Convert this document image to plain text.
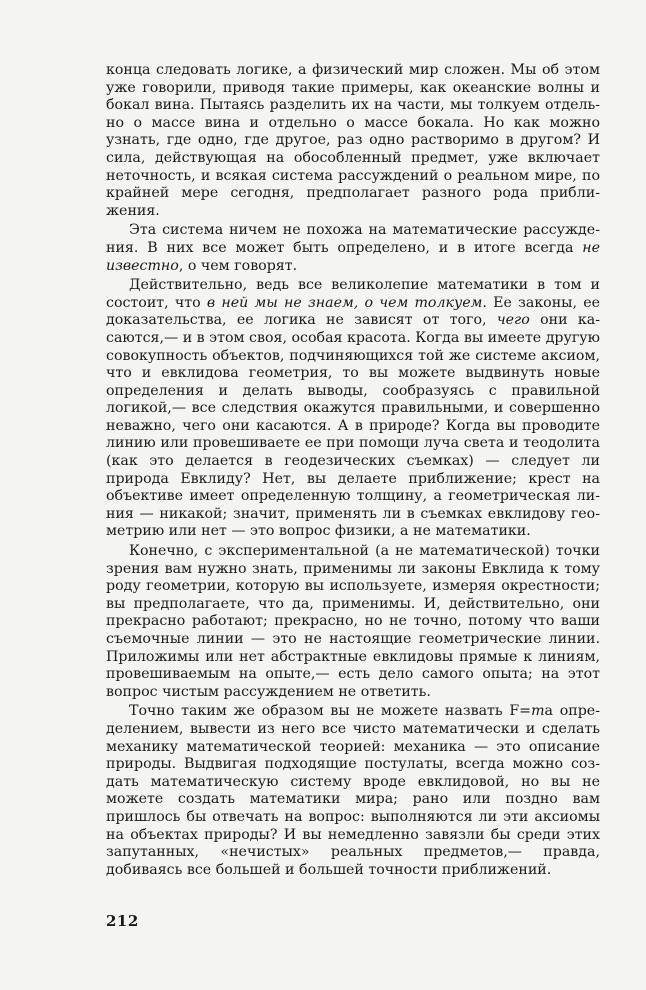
конца следовать логике, а физический мир сложен. Мы об этом уже говорили, приводя такие примеры, как океанские волны и бокал вина. Пытаясь разделить их на части, мы толкуем отдельно о массе вина и отдельно о массе бокала. Но как можно узнать, где одно, где другое, раз одно растворимо в другом? И сила, действующая на обособленный предмет, уже включает неточность, и всякая система рассуждений о реальном мире, по крайней мере сегодня, предполагает разного рода приближения.

Эта система ничем не похожа на математические рассуждения. В них все может быть определено, и в итоге всегда не известно, о чем говорят.

Действительно, ведь все великолепие математики в том и состоит, что в ней мы не знаем, о чем толкуем. Ее законы, ее доказательства, ее логика не зависят от того, чего они касаются,— и в этом своя, особая красота. Когда вы имеете другую совокупность объектов, подчиняющихся той же системе аксиом, что и евклидова геометрия, то вы можете выдвинуть новые определения и делать выводы, сообразуясь с правильной логикой,— все следствия окажутся правильными, и совершенно неважно, чего они касаются. А в природе? Когда вы проводите линию или провешиваете ее при помощи луча света и теодолита (как это делается в геодезических съемках) — следует ли природа Евклиду? Нет, вы делаете приближение; крест на объективе имеет определенную толщину, а геометрическая линия — никакой; значит, применять ли в съемках евклидову геометрию или нет — это вопрос физики, а не математики.

Конечно, с экспериментальной (а не математической) точки зрения вам нужно знать, применимы ли законы Евклида к тому роду геометрии, которую вы используете, измеряя окрестности; вы предполагаете, что да, применимы. И, действительно, они прекрасно работают; прекрасно, но не точно, потому что ваши съемочные линии — это не настоящие геометрические линии. Приложимы или нет абстрактные евклидовы прямые к линиям, провешиваемым на опыте,— есть дело самого опыта; на этот вопрос чистым рассуждением не ответить.

Точно таким же образом вы не можете назвать F=ma определением, вывести из него все чисто математически и сделать механику математической теорией: механика — это описание природы. Выдвигая подходящие постулаты, всегда можно создать математическую систему вроде евклидовой, но вы не можете создать математики мира; рано или поздно вам пришлось бы отвечать на вопрос: выполняются ли эти аксиомы на объектах природы? И вы немедленно завязли бы среди этих запутанных, «нечистых» реальных предметов,— правда, добиваясь все большей и большей точности приближений.

212
